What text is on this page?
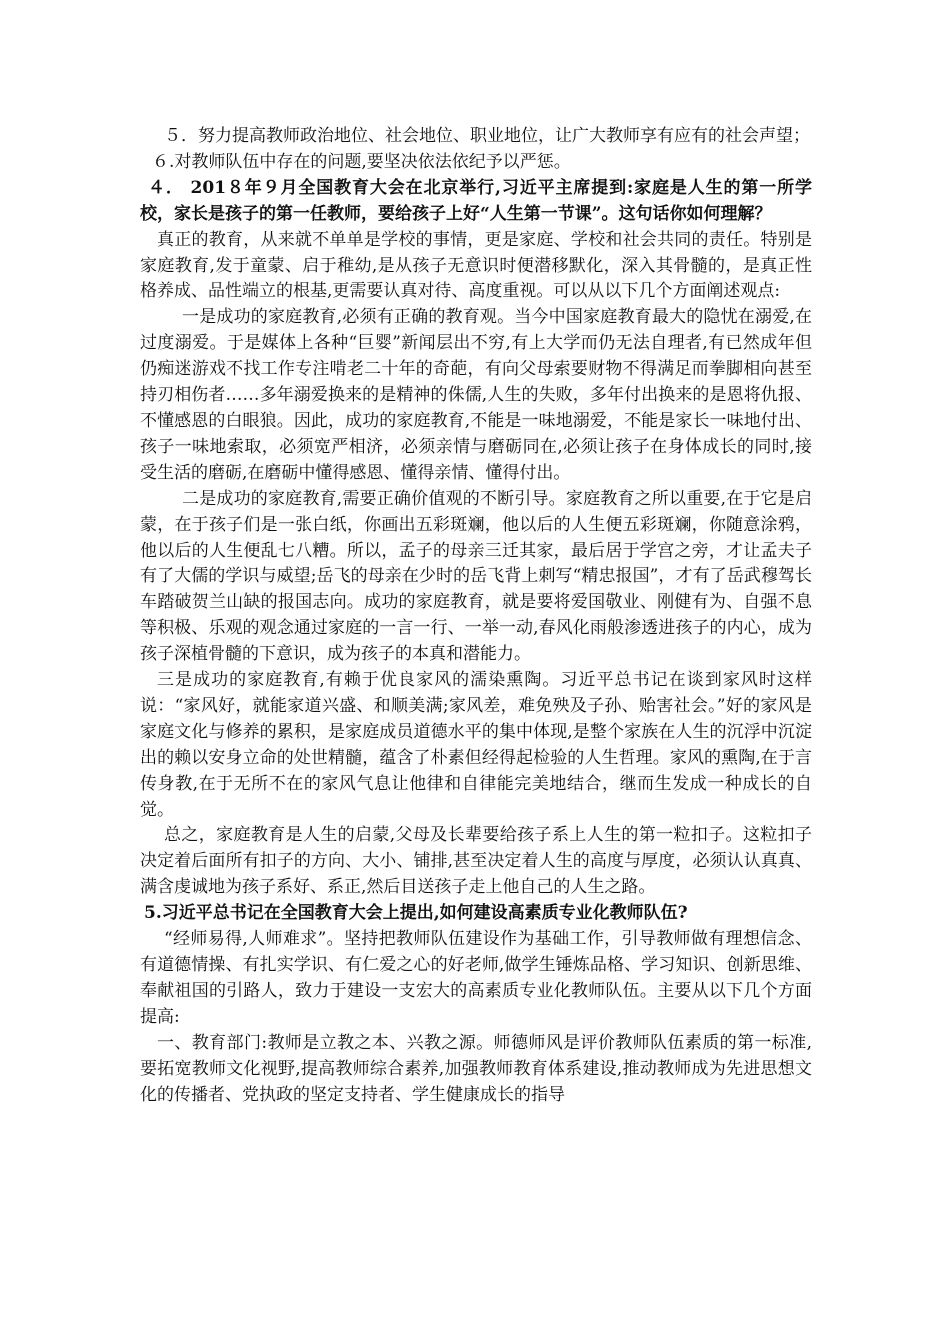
５．努力提高教师政治地位、社会地位、职业地位，让广大教师享有应有的社会声望；

６.对教师队伍中存在的问题,要坚决依法依纪予以严惩。

４． 201８年９月全国教育大会在北京举行,习近平主席提到:家庭是人生的第一所学校，家长是孩子的第一任教师，要给孩子上好“人生第一节课”。这句话你如何理解？

真正的教育，从来就不单单是学校的事情，更是家庭、学校和社会共同的责任。特别是家庭教育,发于童蒙、启于稚幼,是从孩子无意识时便潜移默化，深入其骨髓的，是真正性格养成、品性端立的根基,更需要认真对待、高度重视。可以从以下几个方面阐述观点:

一是成功的家庭教育,必须有正确的教育观。当今中国家庭教育最大的隐忧在溺爱,在过度溺爱。于是媒体上各种“巨婴”新闻层出不穷,有上大学而仍无法自理者,有已然成年但仍痴迷游戏不找工作专注啃老二十年的奇葩，有向父母索要财物不得满足而拳脚相向甚至持刃相伤者……多年溺爱换来的是精神的侏儒,人生的失败，多年付出换来的是恩将仇报、不懂感恩的白眼狼。因此，成功的家庭教育,不能是一味地溺爱，不能是家长一味地付出、孩子一味地索取，必须宽严相济，必须亲情与磨砺同在,必须让孩子在身体成长的同时,接受生活的磨砺,在磨砺中懂得感恩、懂得亲情、懂得付出。

二是成功的家庭教育,需要正确价值观的不断引导。家庭教育之所以重要,在于它是启蒙，在于孩子们是一张白纸，你画出五彩斑斓，他以后的人生便五彩斑斓，你随意涂鸦，他以后的人生便乱七八糟。所以，孟子的母亲三迁其家，最后居于学宫之旁，才让孟夫子有了大儒的学识与威望;岳飞的母亲在少时的岳飞背上刺写“精忠报国”，才有了岳武穆驾长车踏破贺兰山缺的报国志向。成功的家庭教育，就是要将爱国敬业、刚健有为、自强不息等积极、乐观的观念通过家庭的一言一行、一举一动,春风化雨般渗透进孩子的内心，成为孩子深植骨髓的下意识，成为孩子的本真和潜能力。

三是成功的家庭教育,有赖于优良家风的濡染熏陶。习近平总书记在谈到家风时这样说：“家风好，就能家道兴盛、和顺美满;家风差，难免殃及子孙、贻害社会。”好的家风是家庭文化与修养的累积，是家庭成员道德水平的集中体现,是整个家族在人生的沉浮中沉淀出的赖以安身立命的处世精髓，蕴含了朴素但经得起检验的人生哲理。家风的熏陶,在于言传身教,在于无所不在的家风气息让他律和自律能完美地结合，继而生发成一种成长的自觉。

总之，家庭教育是人生的启蒙,父母及长辈要给孩子系上人生的第一粒扣子。这粒扣子决定着后面所有扣子的方向、大小、铺排,甚至决定着人生的高度与厚度，必须认认真真、满含虔诚地为孩子系好、系正,然后目送孩子走上他自己的人生之路。

5.习近平总书记在全国教育大会上提出,如何建设高素质专业化教师队伍?

“经师易得,人师难求”。坚持把教师队伍建设作为基础工作，引导教师做有理想信念、有道德情操、有扎实学识、有仁爱之心的好老师,做学生锤炼品格、学习知识、创新思维、奉献祖国的引路人，致力于建设一支宏大的高素质专业化教师队伍。主要从以下几个方面提高:

一、教育部门:教师是立教之本、兴教之源。师德师风是评价教师队伍素质的第一标准,要拓宽教师文化视野,提高教师综合素养,加强教师教育体系建设,推动教师成为先进思想文化的传播者、党执政的坚定支持者、学生健康成长的指导
